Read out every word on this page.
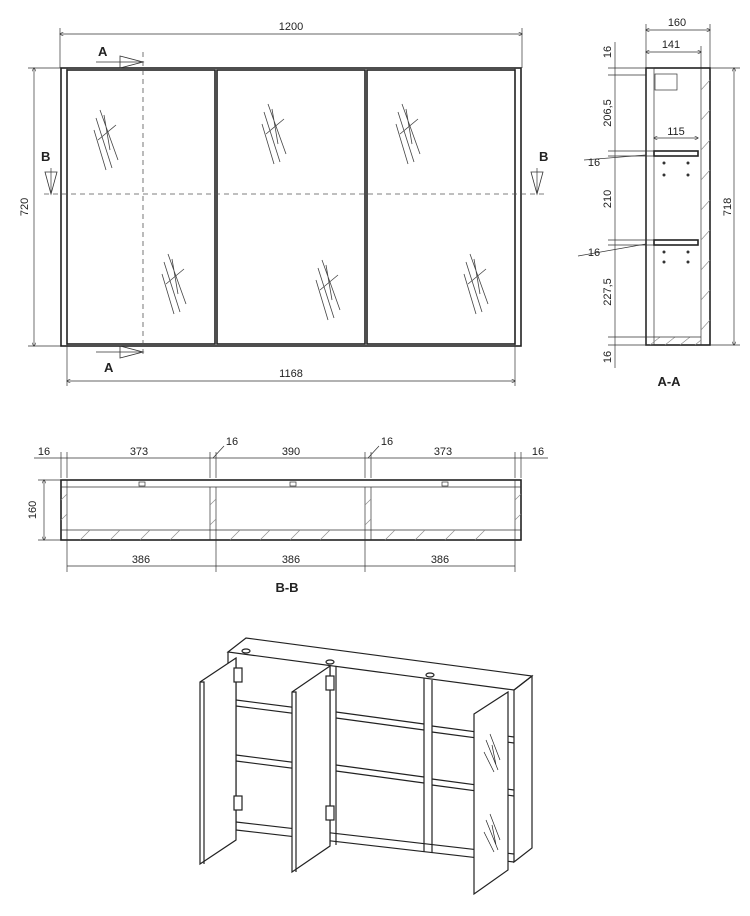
1200
720
A
A
B	B
1168
160
141
115
718
16
206,5
16
210
16
227,5
16
A-A
16	373
16
390
16
373	16
160
386	386	386
B-B
